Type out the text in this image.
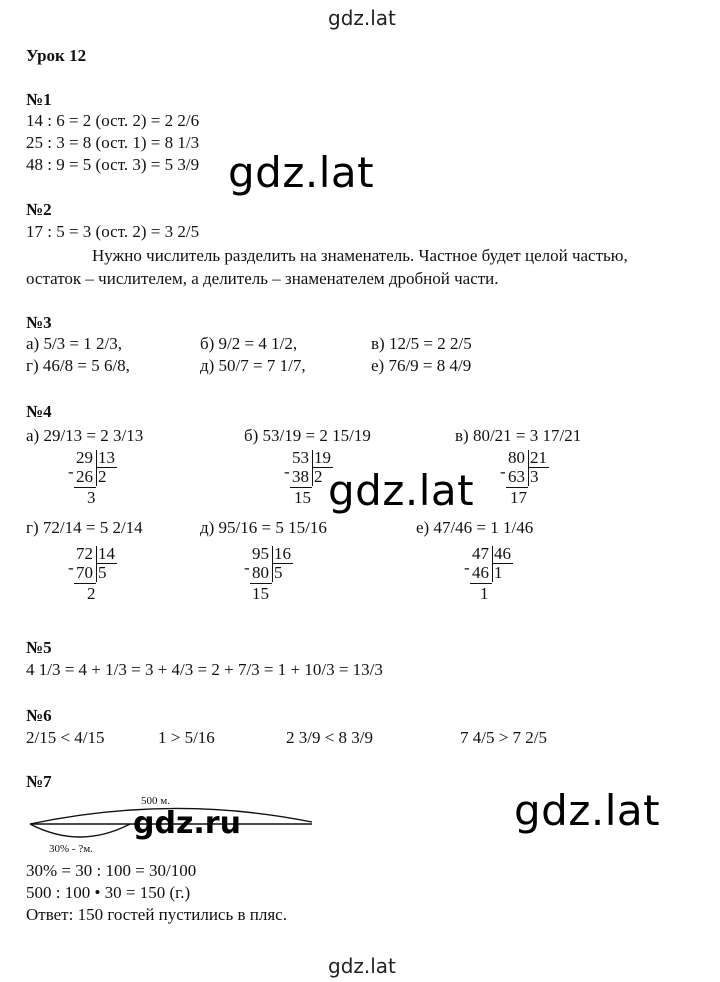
gdz.lat
Урок 12
№1
14 : 6 = 2 (ост. 2) = 2 2/6
25 : 3 = 8 (ост. 1) = 8 1/3
48 : 9 = 5 (ост. 3) = 5 3/9 gdz.lat
№2
17 : 5 = 3 (ост. 2) = 3 2/5
Нужно числитель разделить на знаменатель. Частное будет целой частью,
остаток – числителем, а делитель – знаменателем дробной части.
№3
а) 5/3 = 1 2/3,	б) 9/2 = 4 1/2,	в) 12/5 = 2 2/5
г) 46/8 = 5 6/8,	д) 50/7 = 7 1/7,	е) 76/9 = 8 4/9
№4
а) 29/13 = 2 3/13	б) 53/19 = 2 15/19	в) 80/21 = 3 17/21
29 13
- 26 2
3
53 19
- 38 2
15
80 21
- 63 3
17
gdz.lat
г) 72/14 = 5 2/14	д) 95/16 = 5 15/16	е) 47/46 = 1 1/46
72 14
- 70 5
2
95 16
- 80 5
15
47 46
- 46 1
1
№5
4 1/3 = 4 + 1/3 = 3 + 4/3 = 2 + 7/3 = 1 + 10/3 = 13/3
№6
2/15 < 4/15	1 > 5/16	2 3/9 < 8 3/9	7 4/5 > 7 2/5
№7
500 м.
30% - ?м.
gdz.ru	gdz.lat
30% = 30 : 100 = 30/100
500 : 100 • 30 = 150 (г.)
Ответ: 150 гостей пустились в пляс.
gdz.lat
